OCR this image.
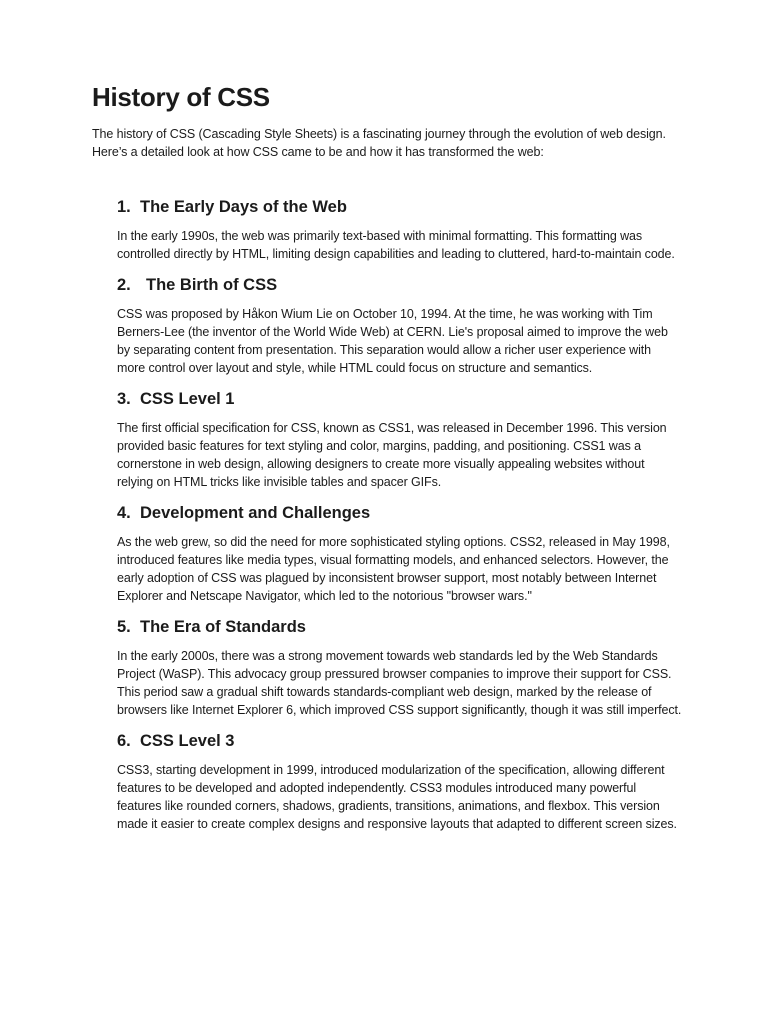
History of CSS

The history of CSS (Cascading Style Sheets) is a fascinating journey through the evolution of web design. Here’s a detailed look at how CSS came to be and how it has transformed the web:

1. The Early Days of the Web

In the early 1990s, the web was primarily text-based with minimal formatting. This formatting was controlled directly by HTML, limiting design capabilities and leading to cluttered, hard-to-maintain code.

2. The Birth of CSS

CSS was proposed by Håkon Wium Lie on October 10, 1994. At the time, he was working with Tim Berners-Lee (the inventor of the World Wide Web) at CERN. Lie's proposal aimed to improve the web by separating content from presentation. This separation would allow a richer user experience with more control over layout and style, while HTML could focus on structure and semantics.

3. CSS Level 1

The first official specification for CSS, known as CSS1, was released in December 1996. This version provided basic features for text styling and color, margins, padding, and positioning. CSS1 was a cornerstone in web design, allowing designers to create more visually appealing websites without relying on HTML tricks like invisible tables and spacer GIFs.

4. Development and Challenges

As the web grew, so did the need for more sophisticated styling options. CSS2, released in May 1998, introduced features like media types, visual formatting models, and enhanced selectors. However, the early adoption of CSS was plagued by inconsistent browser support, most notably between Internet Explorer and Netscape Navigator, which led to the notorious "browser wars."

5. The Era of Standards

In the early 2000s, there was a strong movement towards web standards led by the Web Standards Project (WaSP). This advocacy group pressured browser companies to improve their support for CSS. This period saw a gradual shift towards standards-compliant web design, marked by the release of browsers like Internet Explorer 6, which improved CSS support significantly, though it was still imperfect.

6. CSS Level 3

CSS3, starting development in 1999, introduced modularization of the specification, allowing different features to be developed and adopted independently. CSS3 modules introduced many powerful features like rounded corners, shadows, gradients, transitions, animations, and flexbox. This version made it easier to create complex designs and responsive layouts that adapted to different screen sizes.
